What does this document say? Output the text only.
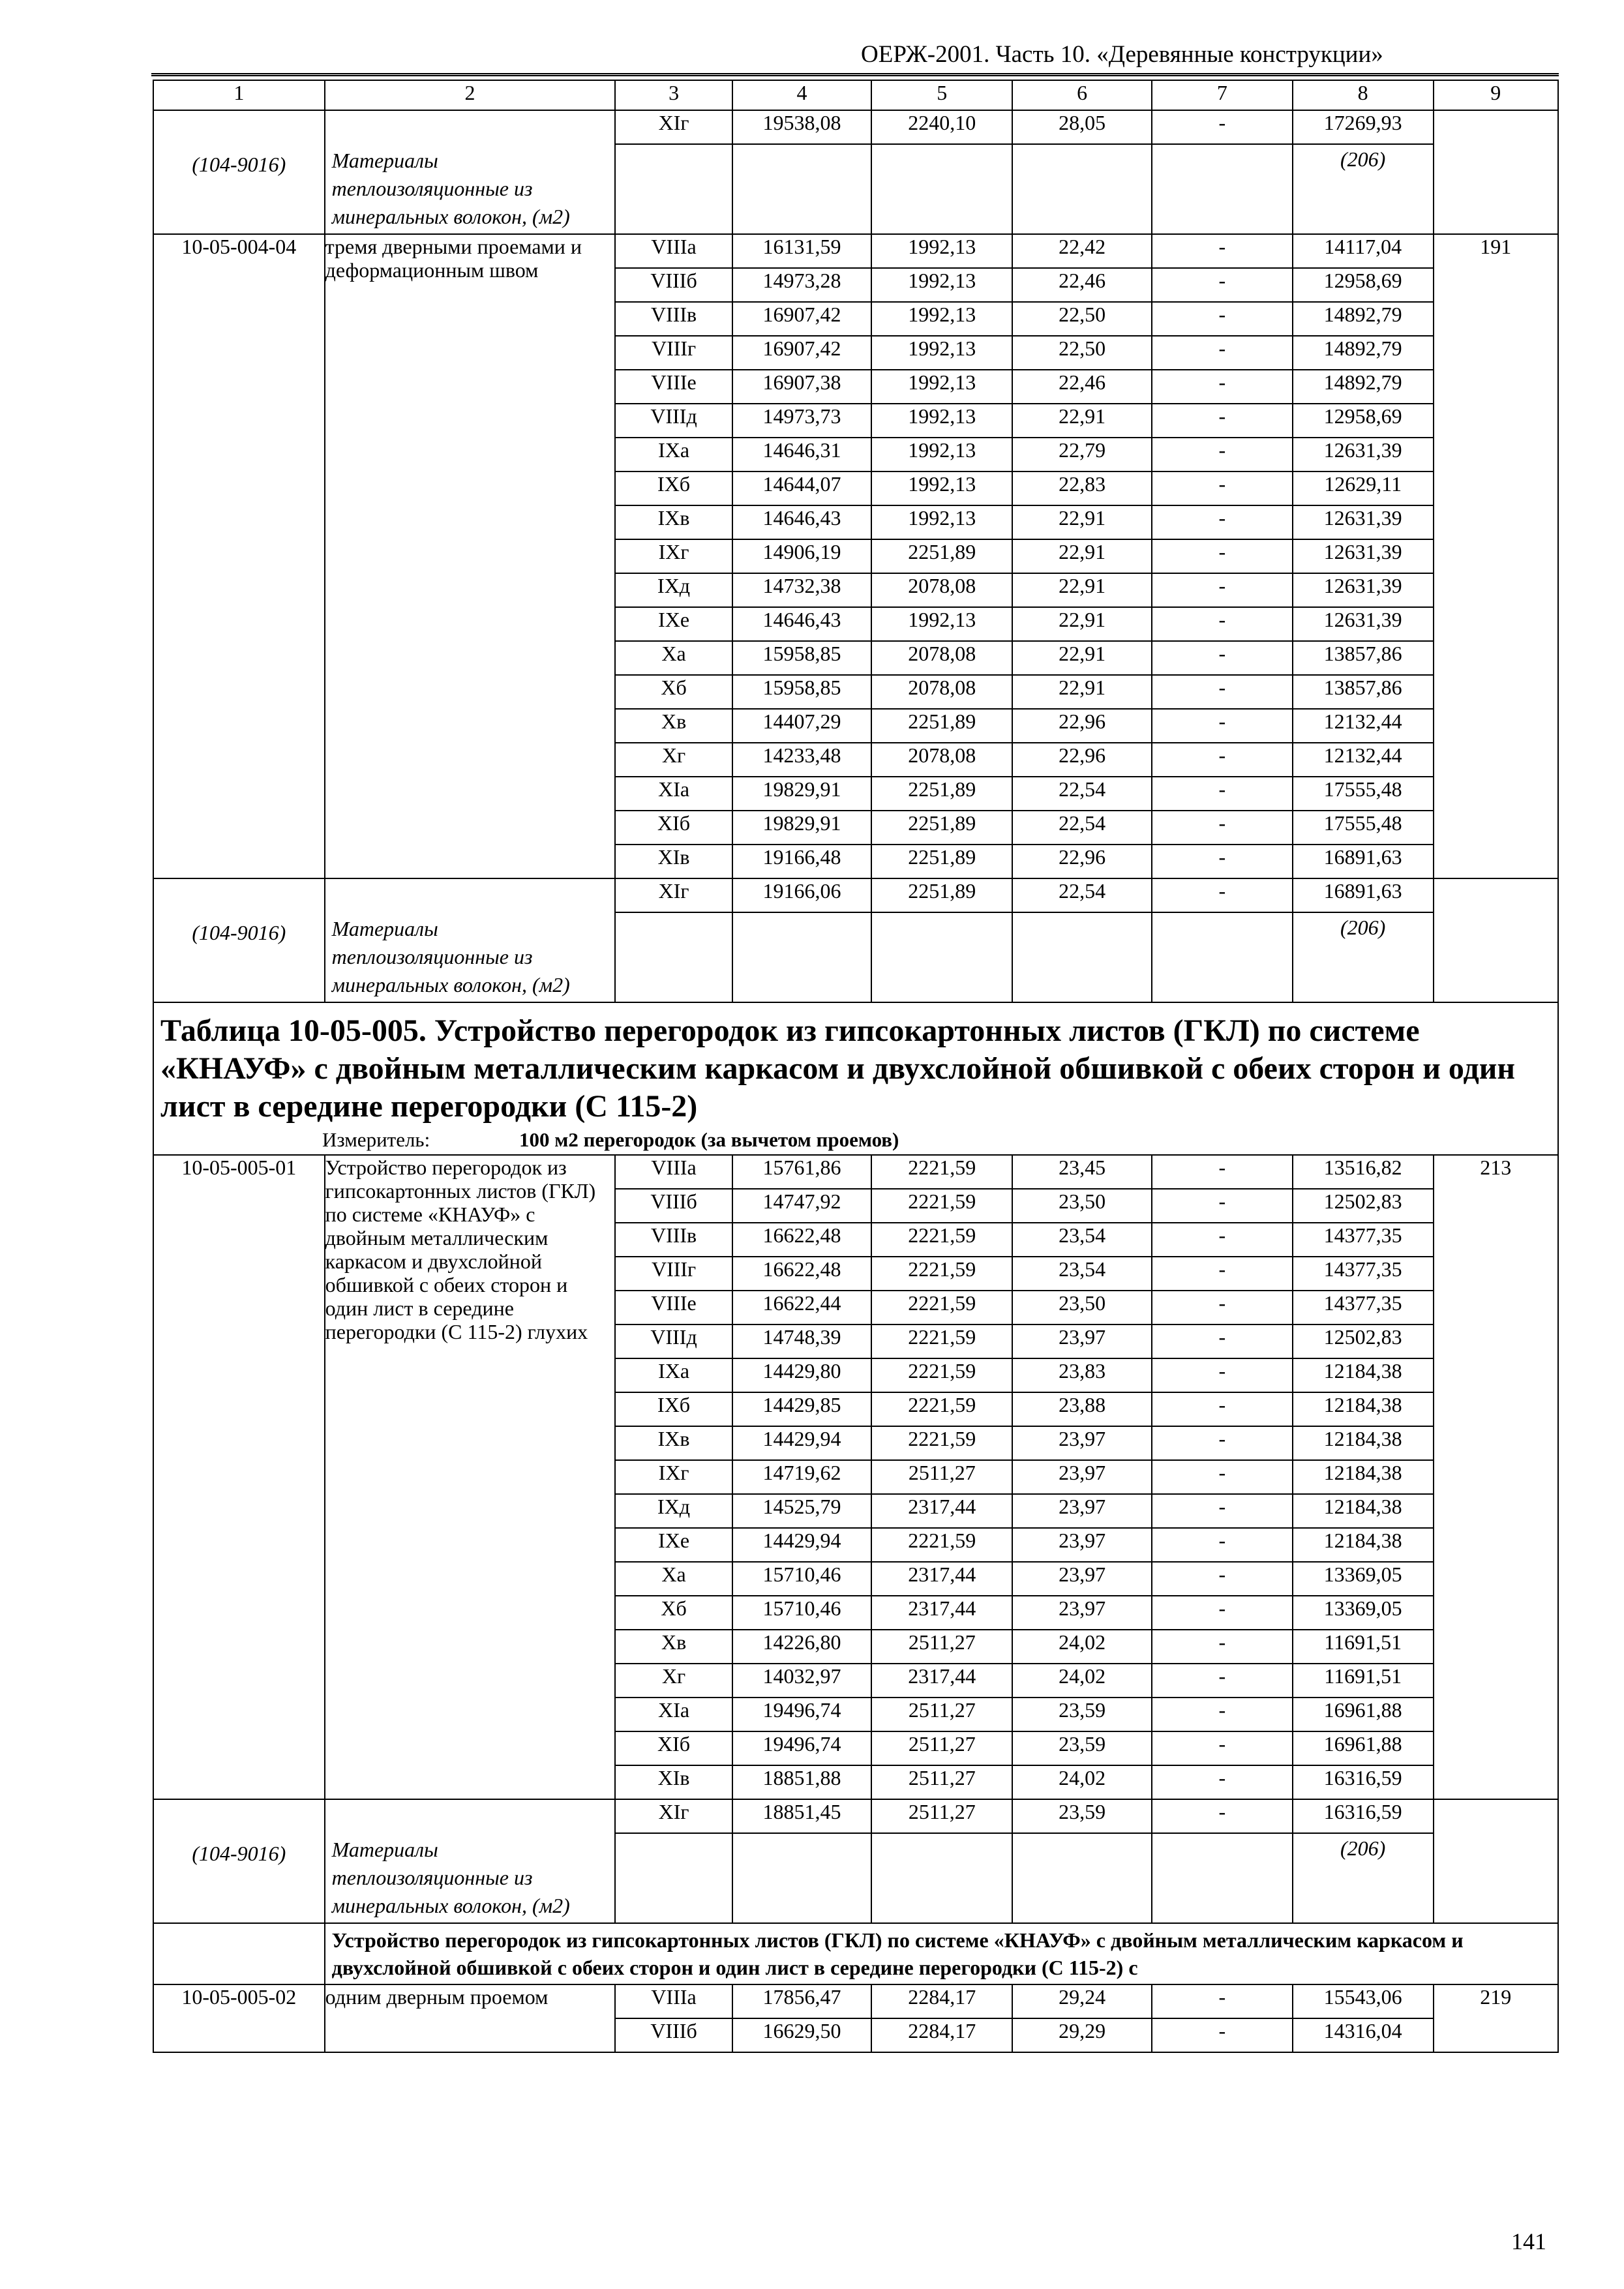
ОЕРЖ-2001. Часть 10. «Деревянные конструкции»
1	2	3	4	5	6	7	8	9

(104-9016)	Материалы теплоизоляционные из минеральных волокон, (м2)	ХІг	19538,08	2240,10	28,05	-	17269,93	

							(206)	

10-05-004-04	тремя дверными проемами и деформационным швом	VІІІа	16131,59	1992,13	22,42	-	14117,04	191

		VІІІб	14973,28	1992,13	22,46	-	12958,69	
		VІІІв	16907,42	1992,13	22,50	-	14892,79	
		VІІІг	16907,42	1992,13	22,50	-	14892,79	
		VІІІе	16907,38	1992,13	22,46	-	14892,79	
		VІІІд	14973,73	1992,13	22,91	-	12958,69	
		ІХа	14646,31	1992,13	22,79	-	12631,39	
		ІХб	14644,07	1992,13	22,83	-	12629,11	
		ІХв	14646,43	1992,13	22,91	-	12631,39	
		ІХг	14906,19	2251,89	22,91	-	12631,39	
		ІХд	14732,38	2078,08	22,91	-	12631,39	
		ІХе	14646,43	1992,13	22,91	-	12631,39	
		Ха	15958,85	2078,08	22,91	-	13857,86	
		Хб	15958,85	2078,08	22,91	-	13857,86	
		Хв	14407,29	2251,89	22,96	-	12132,44	
		Хг	14233,48	2078,08	22,96	-	12132,44	
		ХІа	19829,91	2251,89	22,54	-	17555,48	
		ХІб	19829,91	2251,89	22,54	-	17555,48	
		ХІв	19166,48	2251,89	22,96	-	16891,63	

(104-9016)	Материалы теплоизоляционные из минеральных волокон, (м2)	ХІг	19166,06	2251,89	22,54	-	16891,63	

							(206)	

Таблица 10-05-005. Устройство перегородок из гипсокартонных листов (ГКЛ) по системе «КНАУФ» с двойным металлическим каркасом и двухслойной обшивкой с обеих сторон и один лист в середине перегородки (С 115-2)
Измеритель: 100 м2 перегородок (за вычетом проемов)								

10-05-005-01	Устройство перегородок из гипсокартонных листов (ГКЛ) по системе «КНАУФ» с двойным металлическим каркасом и двухслойной обшивкой с обеих сторон и один лист в середине перегородки (С 115-2) глухих	VІІІа	15761,86	2221,59	23,45	-	13516,82	213

		VІІІб	14747,92	2221,59	23,50	-	12502,83	
		VІІІв	16622,48	2221,59	23,54	-	14377,35	
		VІІІг	16622,48	2221,59	23,54	-	14377,35	
		VІІІе	16622,44	2221,59	23,50	-	14377,35	
		VІІІд	14748,39	2221,59	23,97	-	12502,83	
		ІХа	14429,80	2221,59	23,83	-	12184,38	
		ІХб	14429,85	2221,59	23,88	-	12184,38	
		ІХв	14429,94	2221,59	23,97	-	12184,38	
		ІХг	14719,62	2511,27	23,97	-	12184,38	
		ІХд	14525,79	2317,44	23,97	-	12184,38	
		ІХе	14429,94	2221,59	23,97	-	12184,38	
		Ха	15710,46	2317,44	23,97	-	13369,05	
		Хб	15710,46	2317,44	23,97	-	13369,05	
		Хв	14226,80	2511,27	24,02	-	11691,51	
		Хг	14032,97	2317,44	24,02	-	11691,51	
		ХІа	19496,74	2511,27	23,59	-	16961,88	
		ХІб	19496,74	2511,27	23,59	-	16961,88	
		ХІв	18851,88	2511,27	24,02	-	16316,59	

(104-9016)	Материалы теплоизоляционные из минеральных волокон, (м2)	ХІг	18851,45	2511,27	23,59	-	16316,59	

							(206)	

	Устройство перегородок из гипсокартонных листов (ГКЛ) по системе «КНАУФ» с двойным металлическим каркасом и двухслойной обшивкой с обеих сторон и один лист в середине перегородки (С 115-2) с							

10-05-005-02	одним дверным проемом	VІІІа	17856,47	2284,17	29,24	-	15543,06	219

		VІІІб	16629,50	2284,17	29,29	-	14316,04	
141
